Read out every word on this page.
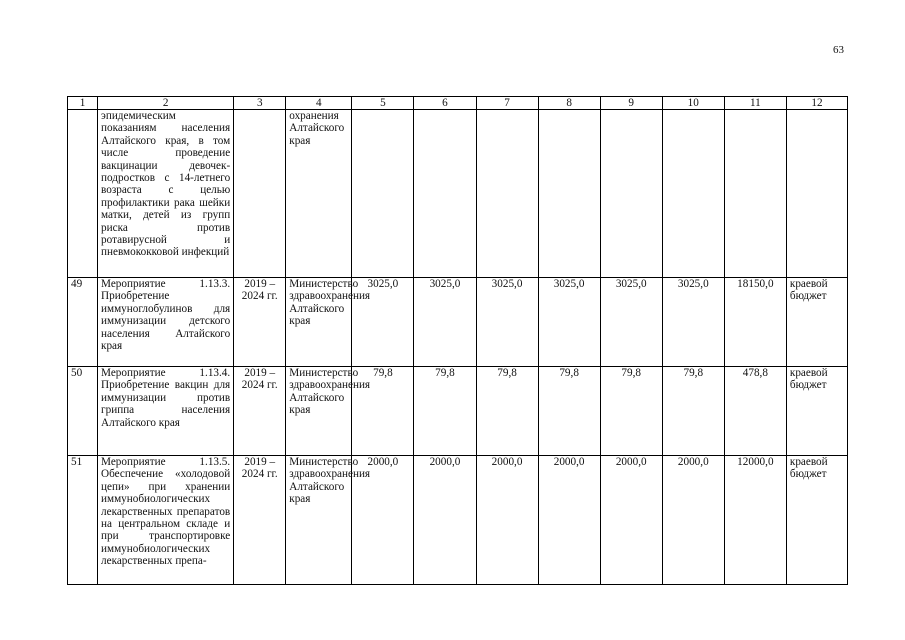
63
1	2	3	4	5	6	7	8	9	10	11	12
	эпидемическим показаниям населения Алтайского края, в том числе проведение вакцинации девочек-подростков с 14-летнего возраста с целью профилактики рака шейки матки, детей из групп риска против ротавирусной и пневмококковой инфекций		охранения Алтайского края								
49	Мероприятие 1.13.3. Приобретение иммуноглобулинов для иммунизации детского населения Алтайского края	2019 – 2024 гг.	Министерство здравоохранения Алтайского края	3025,0	3025,0	3025,0	3025,0	3025,0	3025,0	18150,0	краевой бюджет
50	Мероприятие 1.13.4. Приобретение вакцин для иммунизации против гриппа населения Алтайского края	2019 – 2024 гг.	Министерство здравоохранения Алтайского края	79,8	79,8	79,8	79,8	79,8	79,8	478,8	краевой бюджет
51	Мероприятие 1.13.5. Обеспечение «холодовой цепи» при хранении иммунобиологических лекарственных препаратов на центральном складе и при транспортировке иммунобиологических лекарственных препа-	2019 – 2024 гг.	Министерство здравоохранения Алтайского края	2000,0	2000,0	2000,0	2000,0	2000,0	2000,0	12000,0	краевой бюджет
